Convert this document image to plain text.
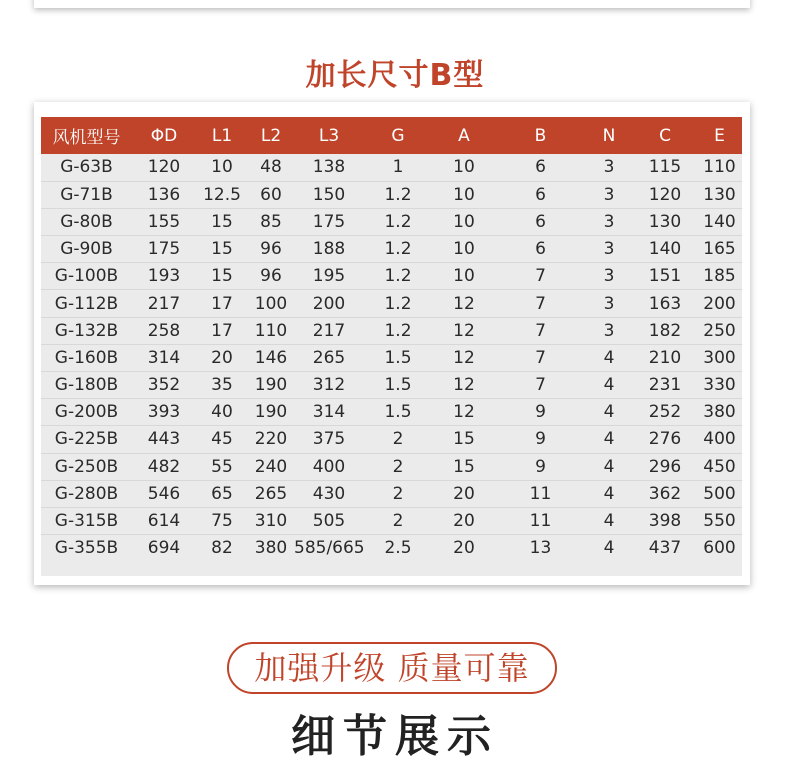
加长尺寸B型
风机型号	ΦD	L1	L2	L3	G	A	B	N	C	E
G-63B	120	10	48	138	1	10	6	3	115	110
G-71B	136	12.5	60	150	1.2	10	6	3	120	130
G-80B	155	15	85	175	1.2	10	6	3	130	140
G-90B	175	15	96	188	1.2	10	6	3	140	165
G-100B	193	15	96	195	1.2	10	7	3	151	185
G-112B	217	17	100	200	1.2	12	7	3	163	200
G-132B	258	17	110	217	1.2	12	7	3	182	250
G-160B	314	20	146	265	1.5	12	7	4	210	300
G-180B	352	35	190	312	1.5	12	7	4	231	330
G-200B	393	40	190	314	1.5	12	9	4	252	380
G-225B	443	45	220	375	2	15	9	4	276	400
G-250B	482	55	240	400	2	15	9	4	296	450
G-280B	546	65	265	430	2	20	11	4	362	500
G-315B	614	75	310	505	2	20	11	4	398	550
G-355B	694	82	380	585/665	2.5	20	13	4	437	600
加强升级 质量可靠
细节展示
